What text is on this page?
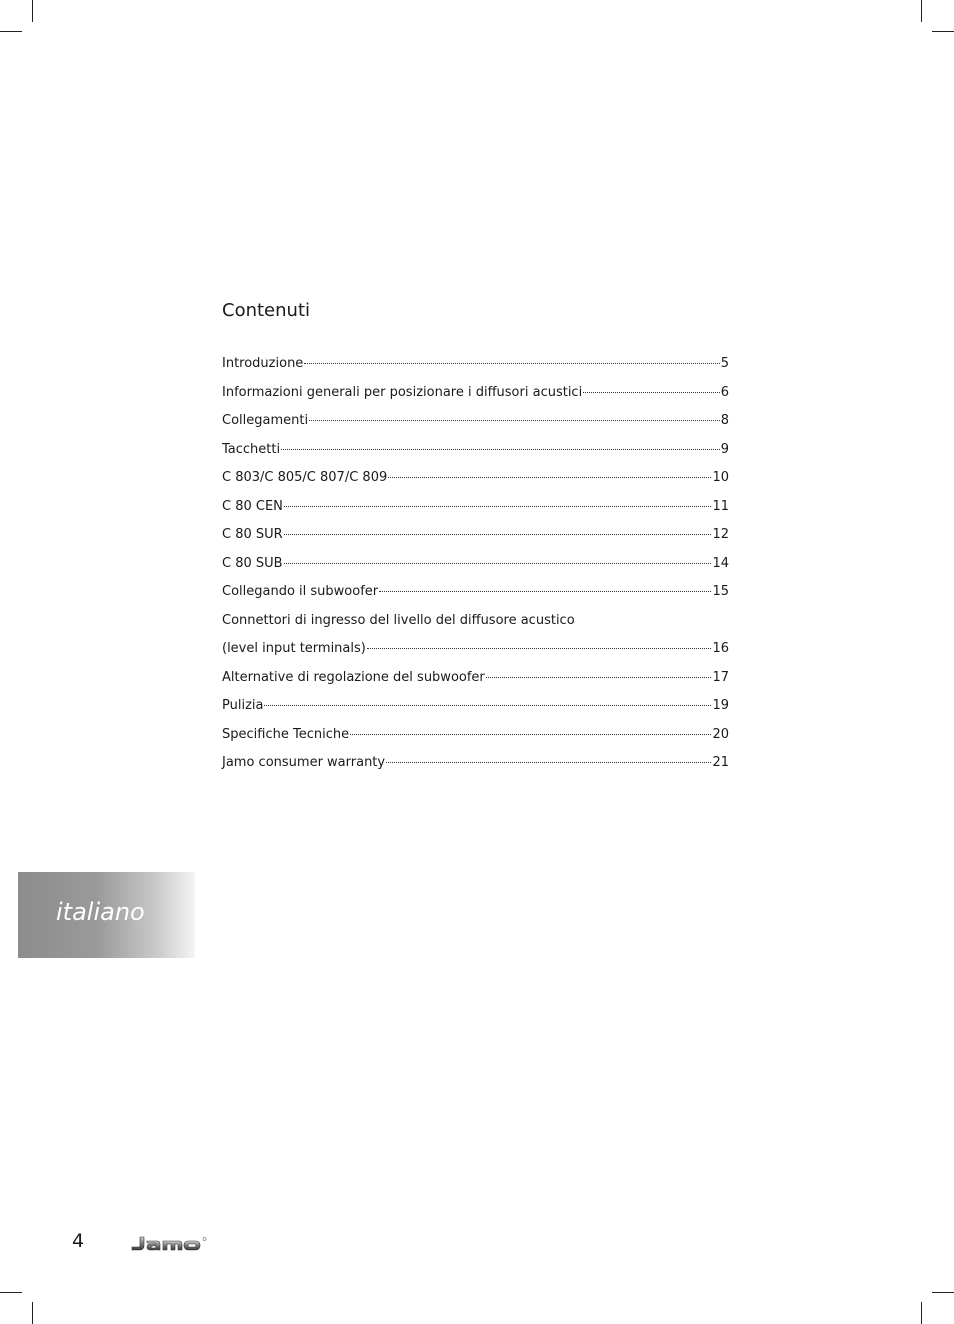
Contenuti
Introduzione	5
Informazioni generali per posizionare i diffusori acustici	6
Collegamenti	8
Tacchetti	9
C 803/C 805/C 807/C 809	10
C 80 CEN	11
C 80 SUR	12
C 80 SUB	14
Collegando il subwoofer	15
Connettori di ingresso del livello del diffusore acustico
(level input terminals)	16
Alternative di regolazione del subwoofer	17
Pulizia	19
Specifiche Tecniche	20
Jamo consumer warranty	21
italiano
4
